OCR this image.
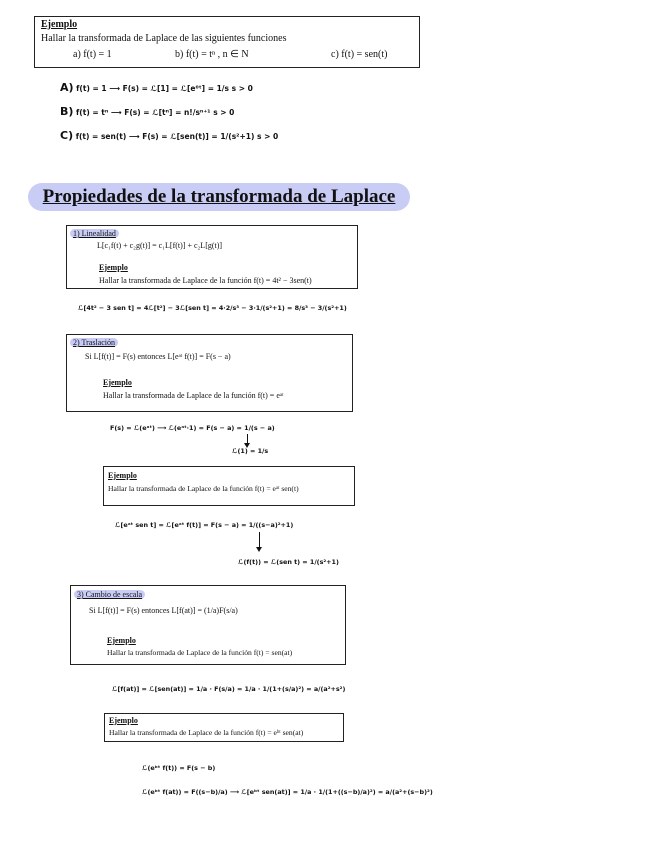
Ejemplo
Hallar la transformada de Laplace de las siguientes funciones
a) f(t) = 1	b) f(t) = tⁿ , n ∈ N	c) f(t) = sen(t)
A) f(t) = 1 ⟶ F(s) = ℒ[1] = ℒ[e⁰ᵗ] = 1/s s > 0
B) f(t) = tⁿ ⟶ F(s) = ℒ[tⁿ] = n!/sⁿ⁺¹ s > 0
C) f(t) = sen(t) ⟶ F(s) = ℒ[sen(t)] = 1/(s²+1) s > 0
Propiedades de la transformada de Laplace
1) Linealidad
L[c₁f(t) + c₂g(t)] = c₁L[f(t)] + c₂L[g(t)]
Ejemplo
Hallar la transformada de Laplace de la función f(t) = 4t² − 3sen(t)
ℒ[4t² − 3 sen t] = 4ℒ[t²] − 3ℒ[sen t] = 4·2/s³ − 3·1/(s²+1) = 8/s³ − 3/(s²+1)
2) Traslación
Si L[f(t)] = F(s) entonces L[eᵃᵗ f(t)] = F(s − a)
Ejemplo
Hallar la transformada de Laplace de la función f(t) = eᵃᵗ
F(s) = ℒ(eᵃᵗ) ⟶ ℒ(eᵃᵗ·1) = F(s − a) = 1/(s − a)
ℒ(1) = 1/s
Ejemplo
Hallar la transformada de Laplace de la función f(t) = eᵃᵗ sen(t)
ℒ[eᵃᵗ sen t] = ℒ[eᵃᵗ f(t)] = F(s − a) = 1/((s−a)²+1)
ℒ(f(t)) = ℒ(sen t) = 1/(s²+1)
3) Cambio de escala
Si L[f(t)] = F(s) entonces L[f(at)] = (1/a)F(s/a)
Ejemplo
Hallar la transformada de Laplace de la función f(t) = sen(at)
ℒ[f(at)] = ℒ[sen(at)] = 1/a · F(s/a) = 1/a · 1/(1+(s/a)²) = a/(a²+s²)
Ejemplo
Hallar la transformada de Laplace de la función f(t) = eᵇᵗ sen(at)
ℒ(eᵇᵗ f(t)) = F(s − b)
ℒ(eᵇᵗ f(at)) = F((s−b)/a) ⟶ ℒ[eᵇᵗ sen(at)] = 1/a · 1/(1+((s−b)/a)²) = a/(a²+(s−b)²)
